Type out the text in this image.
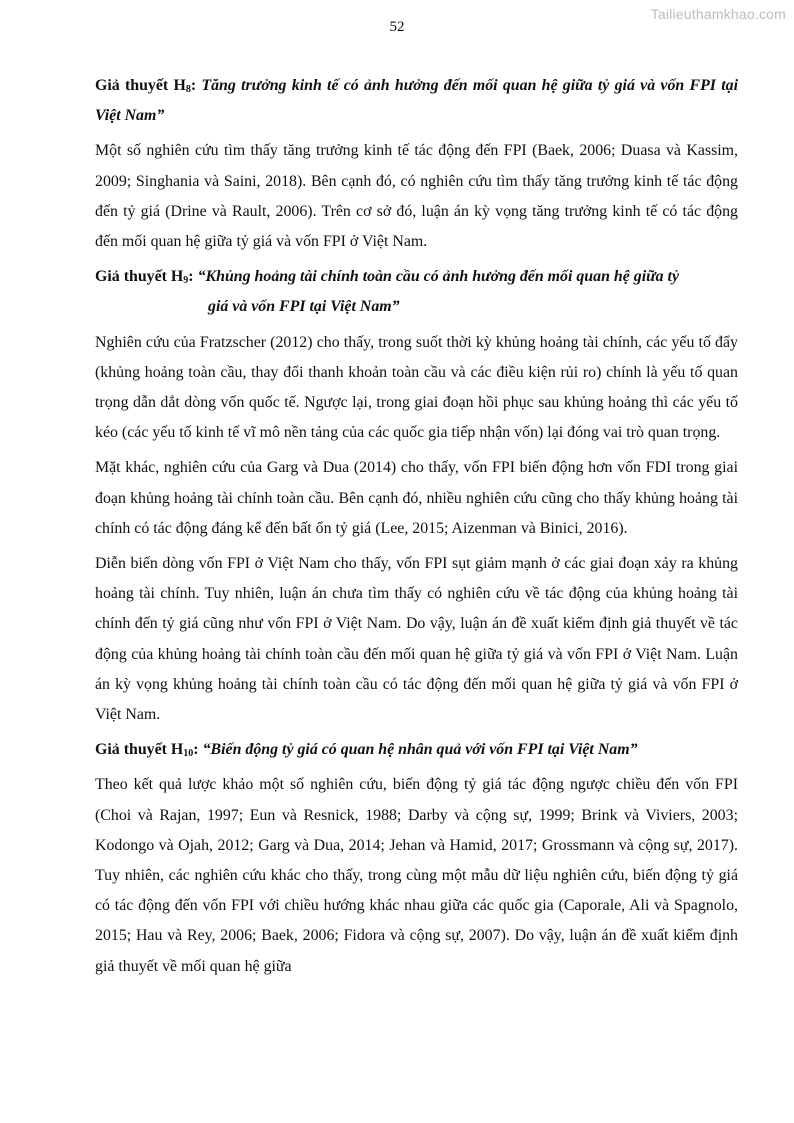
Tailieuthamkhao.com
52

Giả thuyết $H_8$: Tăng trưởng kinh tế có ảnh hưởng đến mối quan hệ giữa tỷ giá và vốn FPI tại Việt Nam”

Một số nghiên cứu tìm thấy tăng trưởng kinh tế tác động đến FPI (Baek, 2006; Duasa và Kassim, 2009; Singhania và Saini, 2018). Bên cạnh đó, có nghiên cứu tìm thấy tăng trưởng kinh tế tác động đến tỷ giá (Drine và Rault, 2006). Trên cơ sở đó, luận án kỳ vọng tăng trưởng kinh tế có tác động đến mối quan hệ giữa tỷ giá và vốn FPI ở Việt Nam.

Giả thuyết $H_9$: “Khủng hoảng tài chính toàn cầu có ảnh hưởng đến mối quan hệ giữa tỷ
giá và vốn FPI tại Việt Nam”

Nghiên cứu của Fratzscher (2012) cho thấy, trong suốt thời kỳ khủng hoảng tài chính, các yếu tố đẩy (khủng hoảng toàn cầu, thay đổi thanh khoản toàn cầu và các điều kiện rủi ro) chính là yếu tố quan trọng dẫn dắt dòng vốn quốc tế. Ngược lại, trong giai đoạn hồi phục sau khủng hoảng thì các yếu tố kéo (các yếu tố kinh tế vĩ mô nền tảng của các quốc gia tiếp nhận vốn) lại đóng vai trò quan trọng.

Mặt khác, nghiên cứu của Garg và Dua (2014) cho thấy, vốn FPI biến động hơn vốn FDI trong giai đoạn khủng hoảng tài chính toàn cầu. Bên cạnh đó, nhiều nghiên cứu cũng cho thấy khủng hoảng tài chính có tác động đáng kể đến bất ổn tỷ giá (Lee, 2015; Aizenman và Binici, 2016).

Diễn biến dòng vốn FPI ở Việt Nam cho thấy, vốn FPI sụt giảm mạnh ở các giai đoạn xảy ra khủng hoảng tài chính. Tuy nhiên, luận án chưa tìm thấy có nghiên cứu về tác động của khủng hoảng tài chính đến tỷ giá cũng như vốn FPI ở Việt Nam. Do vậy, luận án đề xuất kiểm định giả thuyết về tác động của khủng hoảng tài chính toàn cầu đến mối quan hệ giữa tỷ giá và vốn FPI ở Việt Nam. Luận án kỳ vọng khủng hoảng tài chính toàn cầu có tác động đến mối quan hệ giữa tỷ giá và vốn FPI ở Việt Nam.

Giả thuyết $H_{10}$: “Biến động tỷ giá có quan hệ nhân quả với vốn FPI tại Việt Nam”

Theo kết quả lược khảo một số nghiên cứu, biến động tỷ giá tác động ngược chiều đến vốn FPI (Choi và Rajan, 1997; Eun và Resnick, 1988; Darby và cộng sự, 1999; Brink và Viviers, 2003; Kodongo và Ojah, 2012; Garg và Dua, 2014; Jehan và Hamid, 2017; Grossmann và cộng sự, 2017). Tuy nhiên, các nghiên cứu khác cho thấy, trong cùng một mẫu dữ liệu nghiên cứu, biến động tỷ giá có tác động đến vốn FPI với chiều hướng khác nhau giữa các quốc gia (Caporale, Ali và Spagnolo, 2015; Hau và Rey, 2006; Baek, 2006; Fidora và cộng sự, 2007). Do vậy, luận án đề xuất kiểm định giả thuyết về mối quan hệ giữa
